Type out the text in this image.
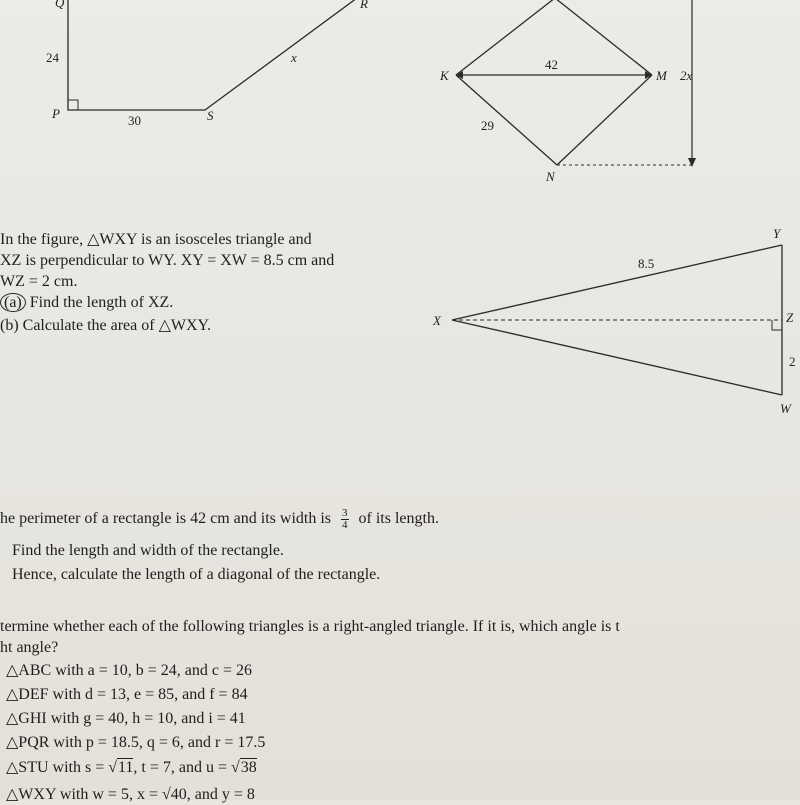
Q	R
P	S
24
30
x
K	M
N
42
29
2x
X
Y
Z
W
8.5
2
In the figure, △WXY is an isosceles triangle and
XZ is perpendicular to WY. XY = XW = 8.5 cm and
WZ = 2 cm.
(a) Find the length of XZ.
(b) Calculate the area of △WXY.
he perimeter of a rectangle is 42 cm and its width is $\frac{3}{4}$ of its length.
Find the length and width of the rectangle.
Hence, calculate the length of a diagonal of the rectangle.
termine whether each of the following triangles is a right-angled triangle. If it is, which angle is t
ht angle?
△ABC with a = 10, b = 24, and c = 26
△DEF with d = 13, e = 85, and f = 84
△GHI with g = 40, h = 10, and i = 41
△PQR with p = 18.5, q = 6, and r = 17.5
△STU with s = √11, t = 7, and u = √38
△WXY with w = 5, x = √40, and y = 8
